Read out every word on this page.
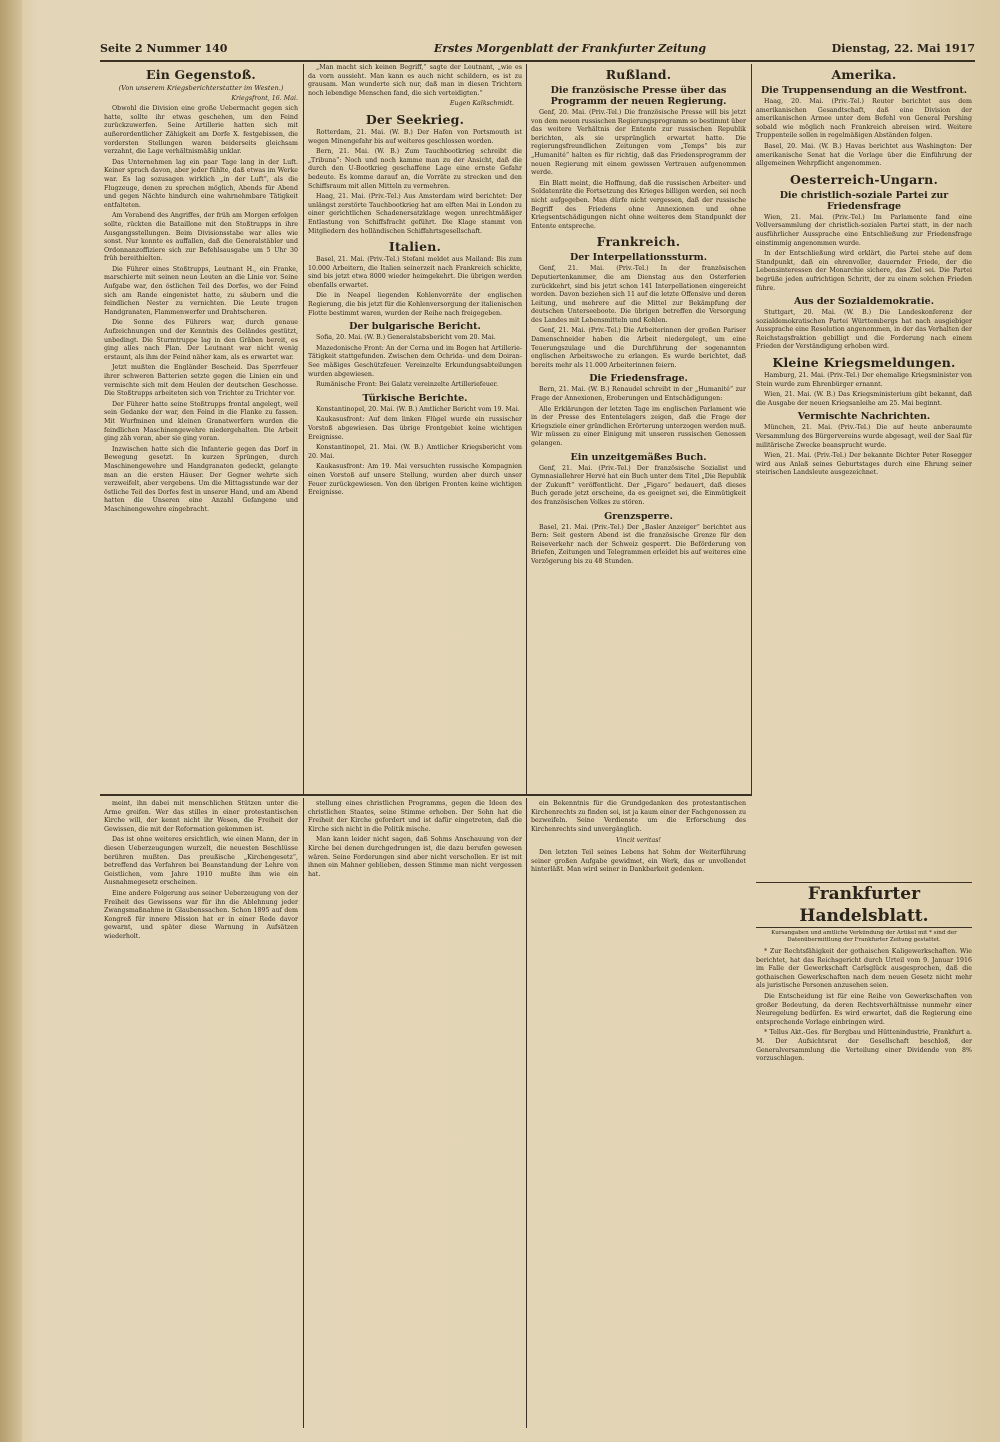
Seite 2 Nummer 140	Erstes Morgenblatt der Frankfurter Zeitung	Dienstag, 22. Mai 1917
Ein Gegenstoß.
(Von unserem Kriegsberichterstatter im Westen.)
Kriegsfront, 16. Mai.

Obwohl die Division eine große Uebermacht gegen sich hatte, sollte ihr etwas geschehen, um den Feind zurückzuwerfen. Seine Artillerie hatten sich mit außerordentlicher Zähigkeit am Dorfe X. festgebissen, die vordersten Stellungen waren beiderseits gleichsam verzahnt, die Lage verhältnismäßig unklar.

Das Unternehmen lag ein paar Tage lang in der Luft. Keiner sprach davon, aber jeder fühlte, daß etwas im Werke war. Es lag sozusagen wirklich „in der Luft“, als die Flugzeuge, denen zu sprechen möglich, Abends für Abend und gegen Nächte hindurch eine wahrnehmbare Tätigkeit entfalteten.

Am Vorabend des Angriffes, der früh am Morgen erfolgen sollte, rückten die Bataillone mit den Stoßtrupps in ihre Ausgangsstellungen. Beim Divisionsstabe war alles wie sonst. Nur konnte es auffallen, daß die Generalstäbler und Ordonnanzoffiziere sich zur Befehlsausgabe um 5 Uhr 30 früh bereithielten.

Die Führer eines Stoßtrupps, Leutnant H., ein Franke, marschierte mit seinen neun Leuten an die Linie vor. Seine Aufgabe war, den östlichen Teil des Dorfes, wo der Feind sich am Rande eingenistet hatte, zu säubern und die feindlichen Nester zu vernichten. Die Leute trugen Handgranaten, Flammenwerfer und Drahtscheren.

Die Sonne des Führers war, durch genaue Aufzeichnungen und der Kenntnis des Geländes gestützt, unbedingt. Die Sturmtruppe lag in den Gräben bereit, es ging alles nach Plan. Der Leutnant war nicht wenig erstaunt, als ihm der Feind näher kam, als es erwartet war.

Jetzt mußten die Engländer Bescheid. Das Sperrfeuer ihrer schweren Batterien setzte gegen die Linien ein und vermischte sich mit dem Heulen der deutschen Geschosse. Die Stoßtrupps arbeiteten sich von Trichter zu Trichter vor.

Der Führer hatte seine Stoßtrupps frontal angelegt, weil sein Gedanke der war, den Feind in die Flanke zu fassen. Mit Wurfminen und kleinen Granatwerfern wurden die feindlichen Maschinengewehre niedergehalten. Die Arbeit ging zäh voran, aber sie ging voran.

Inzwischen hatte sich die Infanterie gegen das Dorf in Bewegung gesetzt. In kurzen Sprüngen, durch Maschinengewehre und Handgranaten gedeckt, gelangte man an die ersten Häuser. Der Gegner wehrte sich verzweifelt, aber vergebens. Um die Mittagsstunde war der östliche Teil des Dorfes fest in unserer Hand, und am Abend hatten die Unseren eine Anzahl Gefangene und Maschinengewehre eingebracht.

„Man macht sich keinen Begriff,“ sagte der Leutnant, „wie es da vorn aussieht. Man kann es auch nicht schildern, es ist zu grausam. Man wunderte sich nur, daß man in diesen Trichtern noch lebendige Menschen fand, die sich verteidigten.“

Eugen Kalkschmidt.
Der Seekrieg.

Rotterdam, 21. Mai. (W. B.) Der Hafen von Portsmouth ist wegen Minengefahr bis auf weiteres geschlossen worden.

Bern, 21. Mai. (W. B.) Zum Tauchbootkrieg schreibt die „Tribuna“: Noch und noch kamme man zu der Ansicht, daß die durch den U-Bootkrieg geschaffene Lage eine ernste Gefahr bedeute. Es komme darauf an, die Vorräte zu strecken und den Schiffsraum mit allen Mitteln zu vermehren.

Haag, 21. Mai. (Priv.-Tel.) Aus Amsterdam wird berichtet: Der unlängst zerstörte Tauchbootkrieg hat am elften Mai in London zu einer gerichtlichen Schadenersatzklage wegen unrechtmäßiger Entlastung von Schiffsfracht geführt. Die Klage stammt von Mitgliedern des holländischen Schiffahrtsgesellschaft.

Italien.

Basel, 21. Mai. (Priv.-Tel.) Stefani meldet aus Mailand: Bis zum 10.000 Arbeitern, die Italien seinerzeit nach Frankreich schickte, sind bis jetzt etwa 8000 wieder heimgekehrt. Die übrigen werden ebenfalls erwartet.

Die in Neapel liegenden Kohlenvorräte der englischen Regierung, die bis jetzt für die Kohlenversorgung der italienischen Flotte bestimmt waren, wurden der Reihe nach freigegeben.

Der bulgarische Bericht.

Sofia, 20. Mai. (W. B.) Generalstabsbericht vom 20. Mai.

Mazedonische Front: An der Cerna und im Bogen hat Artillerie-Tätigkeit stattgefunden. Zwischen dem Ochrida- und dem Doiran-See mäßiges Geschützfeuer. Vereinzelte Erkundungsabteilungen wurden abgewiesen.

Rumänische Front: Bei Galatz vereinzelte Artilleriefeuer.

Türkische Berichte.

Konstantinopel, 20. Mai. (W. B.) Amtlicher Bericht vom 19. Mai.

Kaukasusfront: Auf dem linken Flügel wurde ein russischer Vorstoß abgewiesen. Das übrige Frontgebiet keine wichtigen Ereignisse.

Konstantinopel, 21. Mai. (W. B.) Amtlicher Kriegsbericht vom 20. Mai.

Kaukasusfront: Am 19. Mai versuchten russische Kompagnien einen Vorstoß auf unsere Stellung, wurden aber durch unser Feuer zurückgewiesen. Von den übrigen Fronten keine wichtigen Ereignisse.

Rußland.
Die französische Presse über das Programm der neuen Regierung.

Genf, 20. Mai. (Priv.-Tel.) Die französische Presse will bis jetzt von dem neuen russischen Regierungsprogramm so bestimmt über das weitere Verhältnis der Entente zur russischen Republik berichten, als sie ursprünglich erwartet hatte. Die regierungsfreundlichen Zeitungen vom „Temps“ bis zur „Humanité“ halten es für richtig, daß das Friedensprogramm der neuen Regierung mit einem gewissen Vertrauen aufgenommen werde.

Ein Blatt meint, die Hoffnung, daß die russischen Arbeiter- und Soldatenräte die Fortsetzung des Krieges billigen werden, sei noch nicht aufgegeben. Man dürfe nicht vergessen, daß der russische Begriff des Friedens ohne Annexionen und ohne Kriegsentschädigungen nicht ohne weiteres dem Standpunkt der Entente entspreche.

Frankreich.
Der Interpellationssturm.

Genf, 21. Mai. (Priv.-Tel.) In der französischen Deputiertenkammer, die am Dienstag aus den Osterferien zurückkehrt, sind bis jetzt schon 141 Interpellationen eingereicht worden. Davon beziehen sich 11 auf die letzte Offensive und deren Leitung, und mehrere auf die Mittel zur Bekämpfung der deutschen Unterseeboote. Die übrigen betreffen die Versorgung des Landes mit Lebensmitteln und Kohlen.

Genf, 21. Mai. (Priv.-Tel.) Die Arbeiterinnen der großen Pariser Damenschneider haben die Arbeit niedergelegt, um eine Teuerungszulage und die Durchführung der sogenannten englischen Arbeitswoche zu erlangen. Es wurde berichtet, daß bereits mehr als 11.000 Arbeiterinnen feiern.

Die Friedensfrage.

Bern, 21. Mai. (W. B.) Renaudel schreibt in der „Humanité“ zur Frage der Annexionen, Eroberungen und Entschädigungen:

Alle Erklärungen der letzten Tage im englischen Parlament wie in der Presse des Ententelagers zeigen, daß die Frage der Kriegsziele einer gründlichen Erörterung unterzogen werden muß. Wir müssen zu einer Einigung mit unseren russischen Genossen gelangen.

Ein unzeitgemäßes Buch.

Genf, 21. Mai. (Priv.-Tel.) Der französische Sozialist und Gymnasiallehrer Hervé hat ein Buch unter dem Titel „Die Republik der Zukunft“ veröffentlicht. Der „Figaro“ bedauert, daß dieses Buch gerade jetzt erscheine, da es geeignet sei, die Einmütigkeit des französischen Volkes zu stören.

Grenzsperre.

Basel, 21. Mai. (Priv.-Tel.) Der „Basler Anzeiger“ berichtet aus Bern: Seit gestern Abend ist die französische Grenze für den Reiseverkehr nach der Schweiz gesperrt. Die Beförderung von Briefen, Zeitungen und Telegrammen erleidet bis auf weiteres eine Verzögerung bis zu 48 Stunden.

Amerika.
Die Truppensendung an die Westfront.

Haag, 20. Mai. (Priv.-Tel.) Reuter berichtet aus dem amerikanischen Gesandtschaft, daß eine Division der amerikanischen Armee unter dem Befehl von General Pershing sobald wie möglich nach Frankreich abreisen wird. Weitere Truppenteile sollen in regelmäßigen Abständen folgen.

Basel, 20. Mai. (W. B.) Havas berichtet aus Washington: Der amerikanische Senat hat die Vorlage über die Einführung der allgemeinen Wehrpflicht angenommen.

Oesterreich-Ungarn.
Die christlich-soziale Partei zur Friedensfrage

Wien, 21. Mai. (Priv.-Tel.) Im Parlamente fand eine Vollversammlung der christlich-sozialen Partei statt, in der nach ausführlicher Aussprache eine Entschließung zur Friedensfrage einstimmig angenommen wurde.

In der Entschließung wird erklärt, die Partei stehe auf dem Standpunkt, daß ein ehrenvoller, dauernder Friede, der die Lebensinteressen der Monarchie sichere, das Ziel sei. Die Partei begrüße jeden aufrichtigen Schritt, der zu einem solchen Frieden führe.

Aus der Sozialdemokratie.

Stuttgart, 20. Mai. (W. B.) Die Landeskonferenz der sozialdemokratischen Partei Württembergs hat nach ausgiebiger Aussprache eine Resolution angenommen, in der das Verhalten der Reichstagsfraktion gebilligt und die Forderung nach einem Frieden der Verständigung erhoben wird.

Kleine Kriegsmeldungen.

Hamburg, 21. Mai. (Priv.-Tel.) Der ehemalige Kriegsminister von Stein wurde zum Ehrenbürger ernannt.

Wien, 21. Mai. (W. B.) Das Kriegsministerium gibt bekannt, daß die Ausgabe der neuen Kriegsanleihe am 25. Mai beginnt.

Vermischte Nachrichten.

München, 21. Mai. (Priv.-Tel.) Die auf heute anberaumte Versammlung des Bürgervereins wurde abgesagt, weil der Saal für militärische Zwecke beansprucht wurde.

Wien, 21. Mai. (Priv.-Tel.) Der bekannte Dichter Peter Rosegger wird aus Anlaß seines Geburtstages durch eine Ehrung seiner steirischen Landsleute ausgezeichnet.

meint, ihn dabei mit menschlichen Stützen unter die Arme greifen. Wer das stilles in einer protestantischen Kirche will, der kennt nicht ihr Wesen, die Freiheit der Gewissen, die mit der Reformation gekommen ist.

Das ist ohne weiteres ersichtlich, wie einen Mann, der in diesen Ueberzeugungen wurzelt, die neuesten Beschlüsse berühren mußten. Das preußische „Kirchengesetz“, betreffend das Verfahren bei Beanstandung der Lehre von Geistlichen, vom Jahre 1910 mußte ihm wie ein Ausnahmegesetz erscheinen.

Eine andere Folgerung aus seiner Ueberzeugung von der Freiheit des Gewissens war für ihn die Ablehnung jeder Zwangsmaßnahme in Glaubenssachen. Schon 1895 auf dem Kongreß für innere Mission hat er in einer Rede davor gewarnt, und später diese Warnung in Aufsätzen wiederholt.

stellung eines christlichen Programms, gegen die Ideen des christlichen Staates, seine Stimme erhoben. Der Sohn hat die Freiheit der Kirche gefordert und ist dafür eingetreten, daß die Kirche sich nicht in die Politik mische.

Man kann leider nicht sagen, daß Sohms Anschauung von der Kirche bei denen durchgedrungen ist, die dazu berufen gewesen wären. Seine Forderungen sind aber nicht verschollen. Er ist mit ihnen ein Mahner geblieben, dessen Stimme man nicht vergessen hat.

ein Bekenntnis für die Grundgedanken des protestantischen Kirchenrechts zu finden sei, ist ja kaum einer der Fachgenossen zu bezweifeln. Seine Verdienste um die Erforschung des Kirchenrechts sind unvergänglich.

Vincit veritas!

Den letzten Teil seines Lebens hat Sohm der Weiterführung seiner großen Aufgabe gewidmet, ein Werk, das er unvollendet hinterläßt. Man wird seiner in Dankbarkeit gedenken.

Frankfurter Handelsblatt.
Kursangaben und amtliche Verkündung der Artikel mit * sind der Datenübermittlung der Frankfurter Zeitung gestattet.

* Zur Rechtsfähigkeit der gothaischen Kaligewerkschaften. Wie berichtet, hat das Reichsgericht durch Urteil vom 9. Januar 1916 im Falle der Gewerkschaft Carlsglück ausgesprochen, daß die gothaischen Gewerkschaften nach dem neuen Gesetz nicht mehr als juristische Personen anzusehen seien.

Die Entscheidung ist für eine Reihe von Gewerkschaften von großer Bedeutung, da deren Rechtsverhältnisse nunmehr einer Neuregelung bedürfen. Es wird erwartet, daß die Regierung eine entsprechende Vorlage einbringen wird.

* Tellus Akt.-Ges. für Bergbau und Hüttenindustrie, Frankfurt a. M. Der Aufsichtsrat der Gesellschaft beschloß, der Generalversammlung die Verteilung einer Dividende von 8% vorzuschlagen.
